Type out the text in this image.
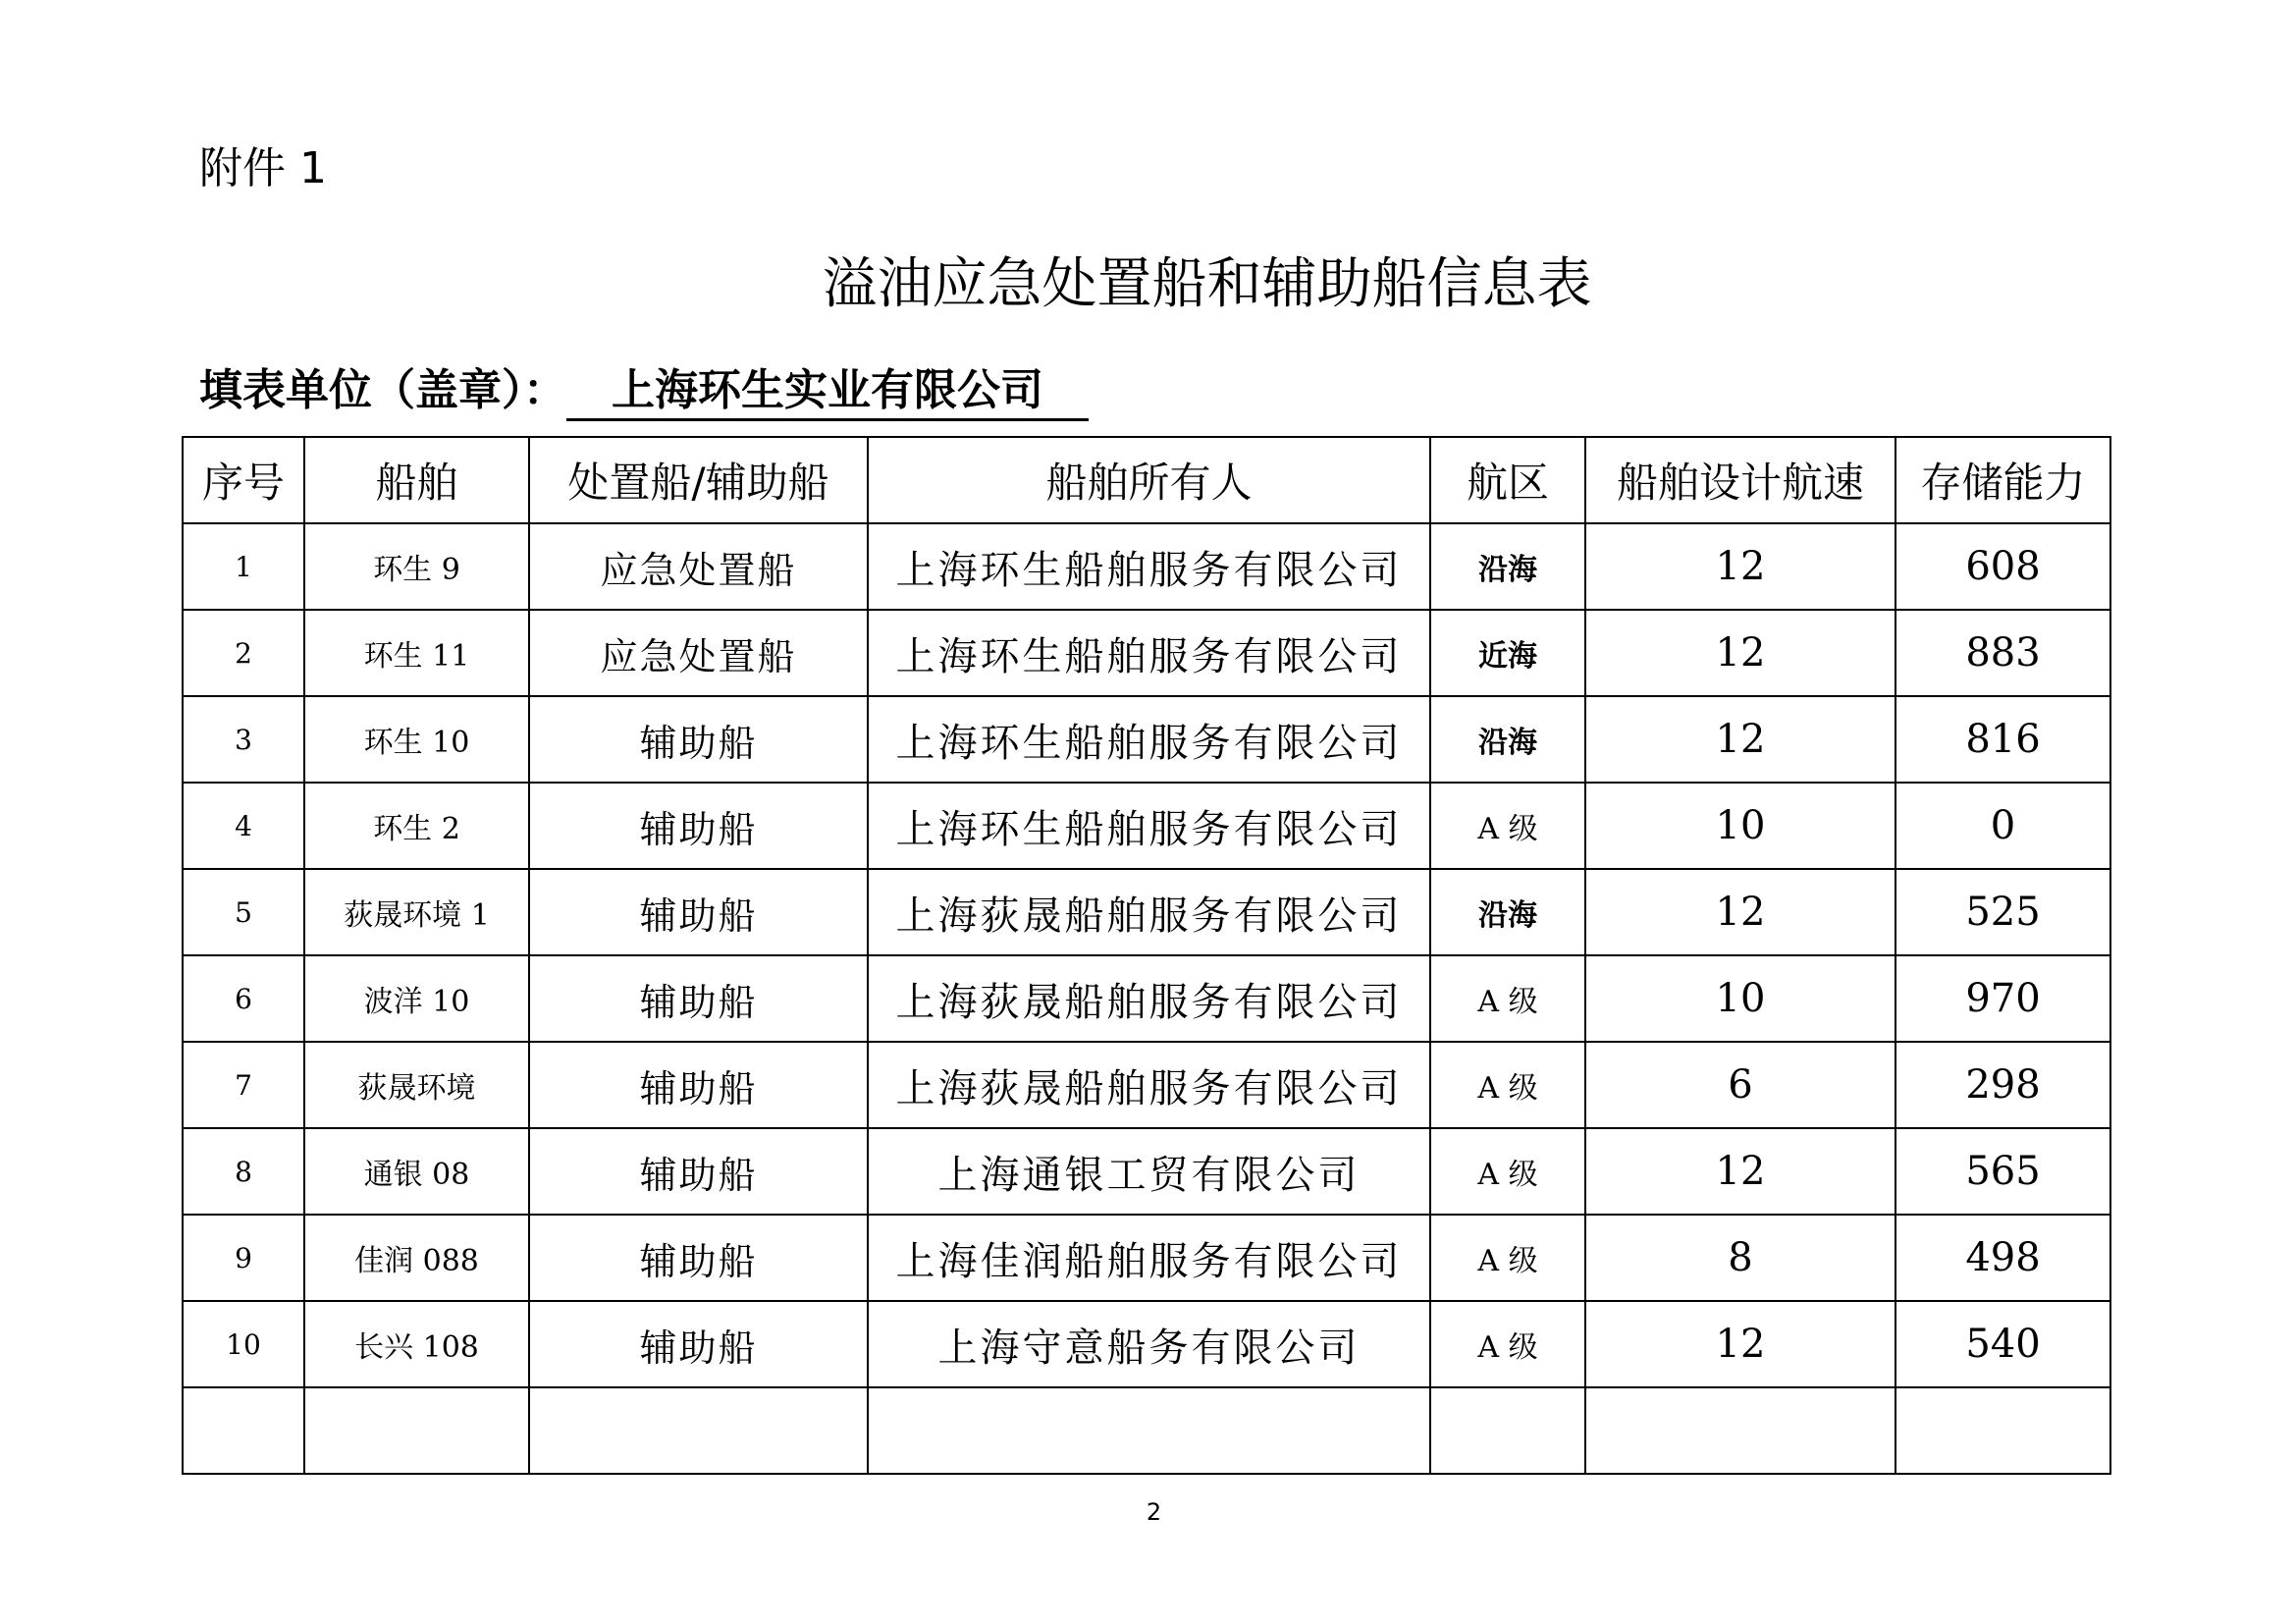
附件 1
溢油应急处置船和辅助船信息表
填表单位（盖章）： 上海环生实业有限公司
序号	船舶	处置船/辅助船	船舶所有人	航区	船舶设计航速	存储能力
1	环生 9	应急处置船	上海环生船舶服务有限公司	沿海	12	608
2	环生 11	应急处置船	上海环生船舶服务有限公司	近海	12	883
3	环生 10	辅助船	上海环生船舶服务有限公司	沿海	12	816
4	环生 2	辅助船	上海环生船舶服务有限公司	A 级	10	0
5	荻晟环境 1	辅助船	上海荻晟船舶服务有限公司	沿海	12	525
6	波洋 10	辅助船	上海荻晟船舶服务有限公司	A 级	10	970
7	荻晟环境	辅助船	上海荻晟船舶服务有限公司	A 级	6	298
8	通银 08	辅助船	上海通银工贸有限公司	A 级	12	565
9	佳润 088	辅助船	上海佳润船舶服务有限公司	A 级	8	498
10	长兴 108	辅助船	上海守意船务有限公司	A 级	12	540

2
